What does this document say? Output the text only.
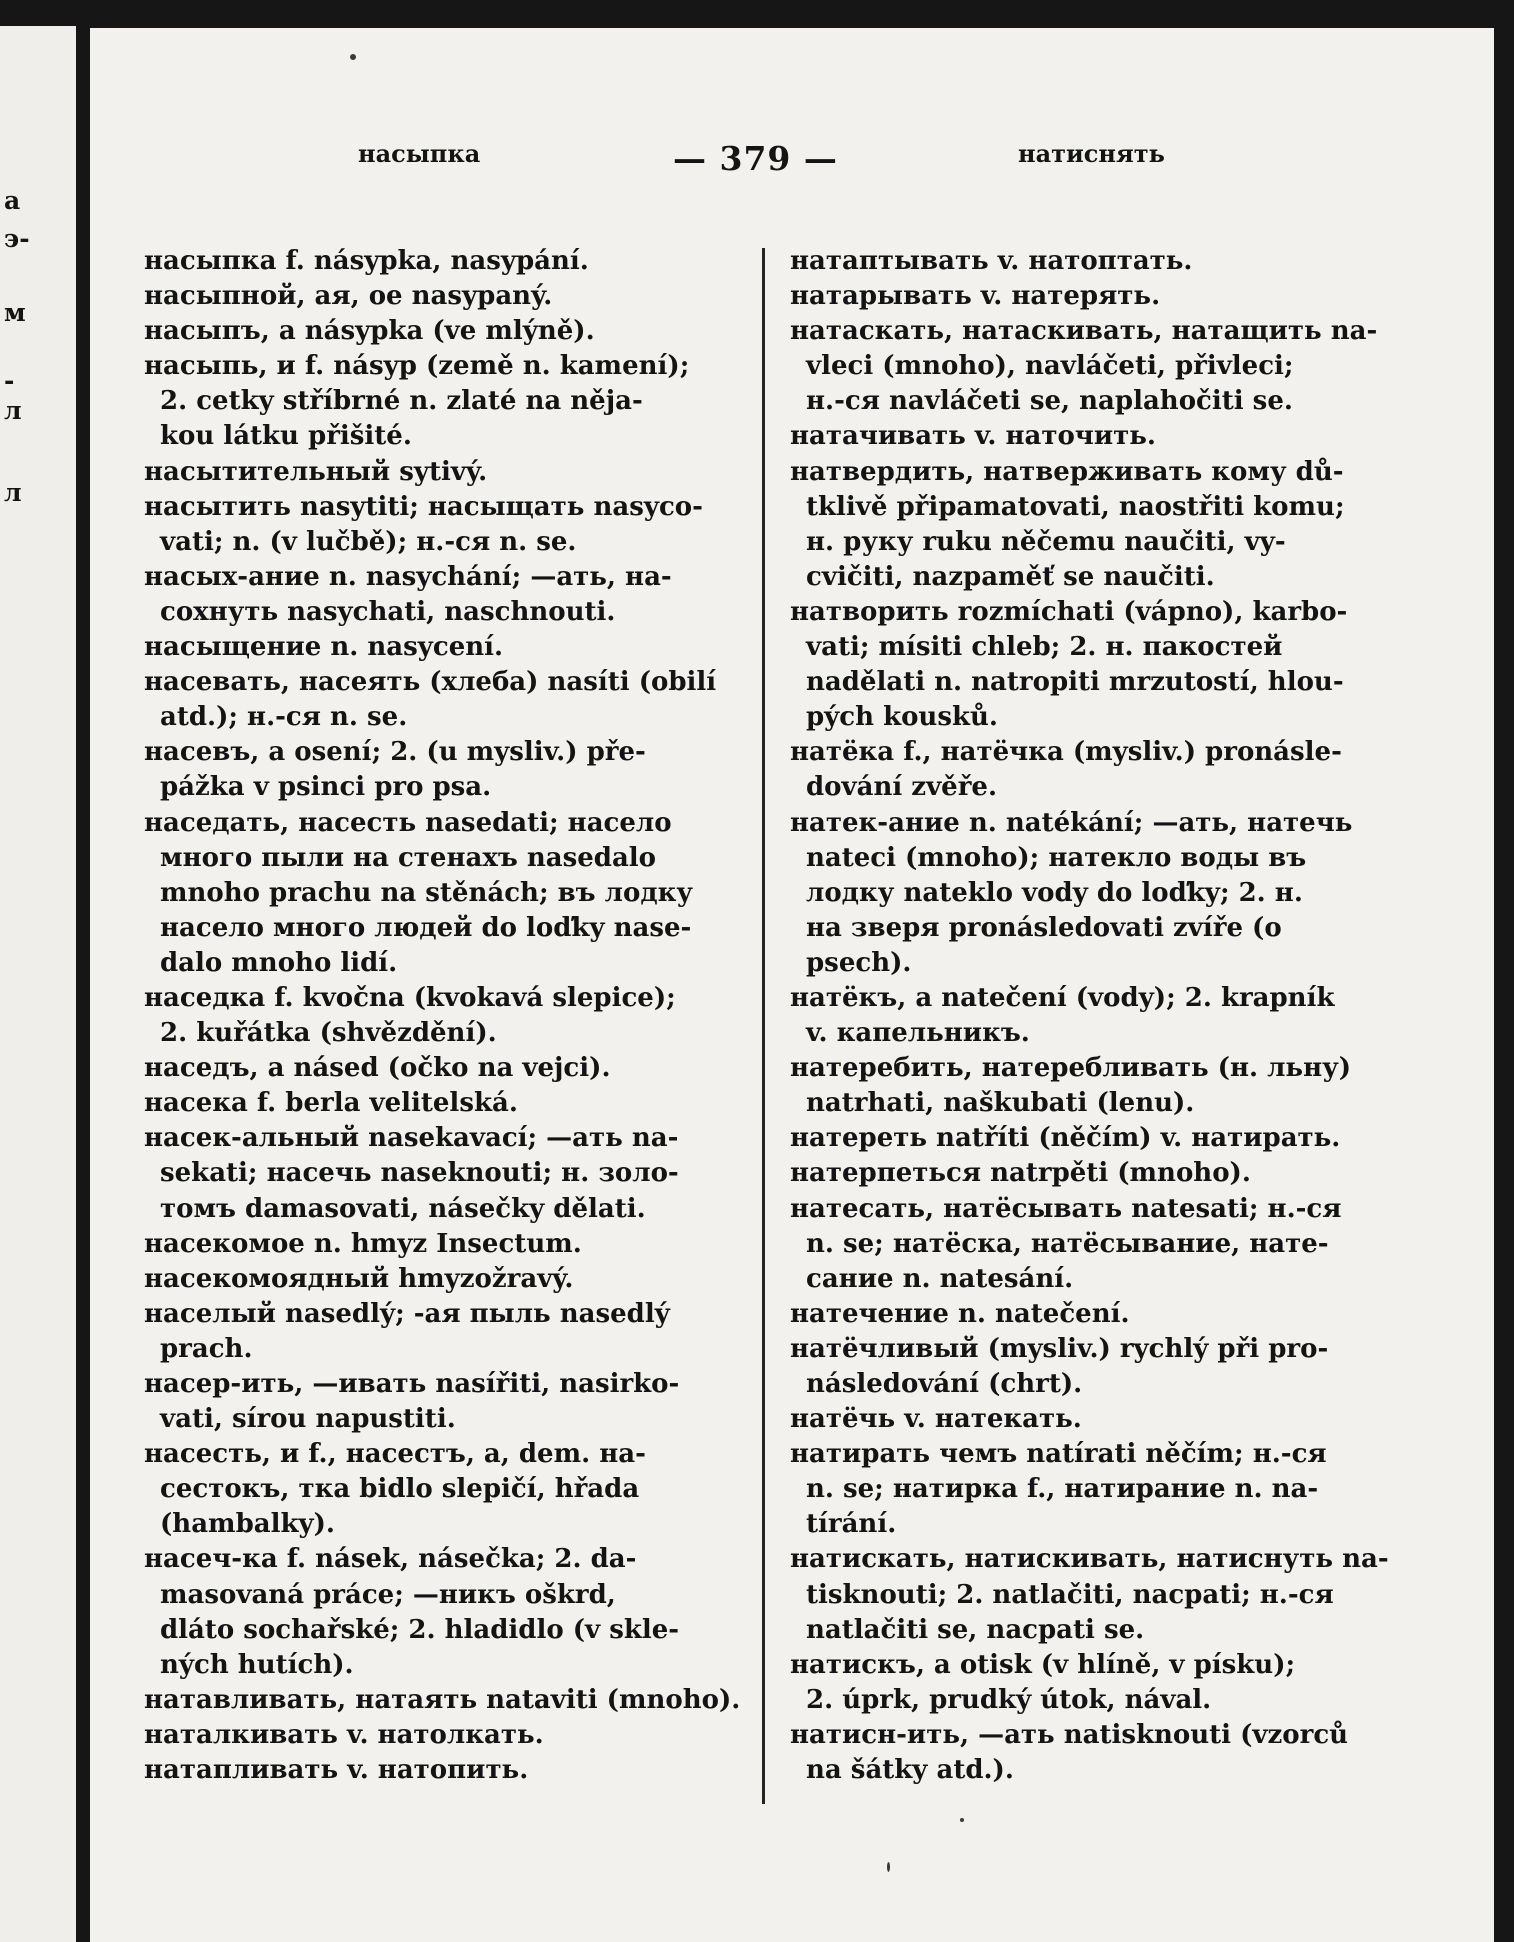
а
э-
м
-
л
л
насыпка	— 379 —	натиснять
насыпка f. násypka, nasypání.
насыпной, ая, ое nasypaný.
насыпъ, а násypka (ve mlýně).
насыпь, и f. násyp (země n. kamení);
2. cetky stříbrné n. zlaté na něja-
kou látku přišité.
насытительный sytivý.
насытить nasytiti; насыщать nasyco-
vati; n. (v lučbě); н.-ся n. se.
насых-ание n. nasychání; —ать, на-
сохнуть nasychati, naschnouti.
насыщение n. nasycení.
насевать, насеять (хлеба) nasíti (obilí
atd.); н.-ся n. se.
насевъ, а osení; 2. (u mysliv.) pře-
pážka v psinci pro psa.
наседать, насесть nasedati; насело
много пыли на стенахъ nasedalo
mnoho prachu na stěnách; въ лодку
насело много людей do loďky nase-
dalo mnoho lidí.
наседка f. kvočna (kvokavá slepice);
2. kuřátka (shvězdění).
наседъ, а násed (očko na vejci).
насека f. berla velitelská.
насек-альный nasekavací; —ать na-
sekati; насечь naseknouti; н. золо-
томъ damasovati, násečky dělati.
насекомое n. hmyz Insectum.
насекомоядный hmyzožravý.
населый nasedlý; -ая пыль nasedlý
prach.
насер-ить, —ивать nasířiti, nasirko-
vati, sírou napustiti.
насесть, и f., насестъ, а, dem. на-
сестокъ, тка bidlo slepičí, hřada
(hambalky).
насеч-ка f. násek, násečka; 2. da-
masovaná práce; —никъ oškrd,
dláto sochařské; 2. hladidlo (v skle-
ných hutích).
натавливать, натаять nataviti (mnoho).
наталкивать v. натолкать.
натапливать v. натопить.
натаптывать v. натоптать.
натарывать v. натерять.
натаскать, натаскивать, натащить na-
vleci (mnoho), navláčeti, přivleci;
н.-ся navláčeti se, naplahočiti se.
натачивать v. наточить.
натвердить, натверживать кому dů-
tklivě připamatovati, naostřiti komu;
н. руку ruku něčemu naučiti, vy-
cvičiti, nazpaměť se naučiti.
натворить rozmíchati (vápno), karbo-
vati; mísiti chleb; 2. н. пакостей
nadělati n. natropiti mrzutostí, hlou-
pých kousků.
натёка f., натёчка (mysliv.) pronásle-
dování zvěře.
натек-ание n. natékání; —ать, натечь
nateci (mnoho); натекло воды въ
лодку nateklo vody do loďky; 2. н.
на зверя pronásledovati zvíře (o
psech).
натёкъ, а natečení (vody); 2. krapník
v. капельникъ.
натеребить, натеребливать (н. льну)
natrhati, naškubati (lenu).
натереть natříti (něčím) v. натирать.
натерпеться natrpěti (mnoho).
натесать, натёсывать natesati; н.-ся
n. se; натёска, натёсывание, нате-
сание n. natesání.
натечение n. natečení.
натёчливый (mysliv.) rychlý při pro-
následování (chrt).
натёчь v. натекать.
натирать чемъ natírati něčím; н.-ся
n. se; натирка f., натирание n. na-
tírání.
натискать, натискивать, натиснуть na-
tisknouti; 2. natlačiti, nacpati; н.-ся
natlačiti se, nacpati se.
натискъ, а otisk (v hlíně, v písku);
2. úprk, prudký útok, nával.
натисн-ить, —ать natisknouti (vzorců
na šátky atd.).
